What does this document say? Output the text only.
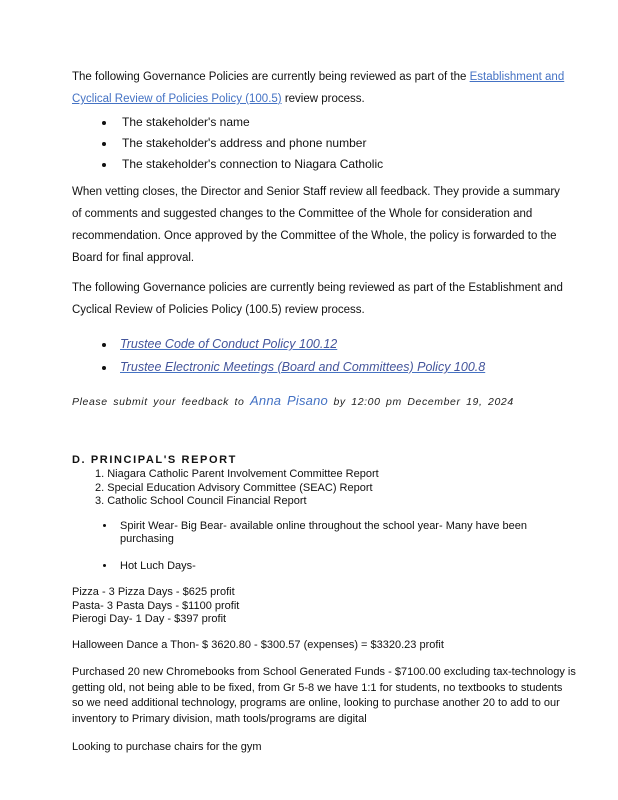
The following Governance Policies are currently being reviewed as part of the Establishment and Cyclical Review of Policies Policy (100.5) review process.
• The stakeholder's name
• The stakeholder's address and phone number
• The stakeholder's connection to Niagara Catholic
When vetting closes, the Director and Senior Staff review all feedback. They provide a summary of comments and suggested changes to the Committee of the Whole for consideration and recommendation. Once approved by the Committee of the Whole, the policy is forwarded to the Board for final approval.
The following Governance policies are currently being reviewed as part of the Establishment and Cyclical Review of Policies Policy (100.5) review process.
• Trustee Code of Conduct Policy 100.12
• Trustee Electronic Meetings (Board and Committees) Policy 100.8
Please submit your feedback to Anna Pisano by 12:00 pm December 19, 2024
D. PRINCIPAL'S REPORT
1. Niagara Catholic Parent Involvement Committee Report
2. Special Education Advisory Committee (SEAC) Report
3. Catholic School Council Financial Report
• Spirit Wear- Big Bear- available online throughout the school year- Many have been purchasing
• Hot Luch Days-
Pizza - 3 Pizza Days - $625 profit
Pasta- 3 Pasta Days - $1100 profit
Pierogi Day- 1 Day - $397 profit
Halloween Dance a Thon- $ 3620.80 - $300.57 (expenses) = $3320.23 profit
Purchased 20 new Chromebooks from School Generated Funds - $7100.00 excluding tax-technology is getting old, not being able to be fixed, from Gr 5-8 we have 1:1 for students, no textbooks to students so we need additional technology, programs are online, looking to purchase another 20 to add to our inventory to Primary division, math tools/programs are digital
Looking to purchase chairs for the gym
